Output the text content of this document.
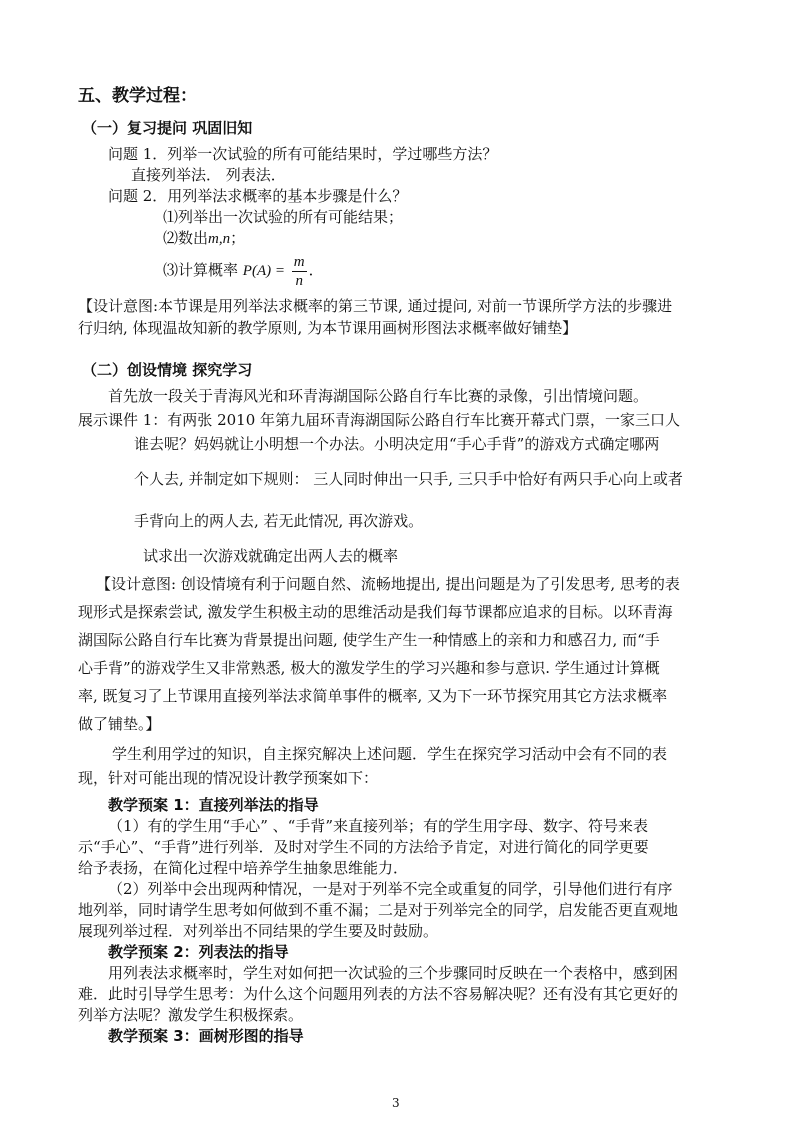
五、教学过程：
（一）复习提问 巩固旧知
问题 1．列举一次试验的所有可能结果时，学过哪些方法？
直接列举法． 列表法．
问题 2．用列举法求概率的基本步骤是什么？
⑴列举出一次试验的所有可能结果；
⑵数出m,n；
⑶计算概率 $P(A) = \frac{m}{n}$ ．
【设计意图:本节课是用列举法求概率的第三节课, 通过提问, 对前一节课所学方法的步骤进
行归纳, 体现温故知新的教学原则, 为本节课用画树形图法求概率做好铺垫】
（二）创设情境 探究学习
首先放一段关于青海风光和环青海湖国际公路自行车比赛的录像，引出情境问题。
展示课件 1：有两张 2010 年第九届环青海湖国际公路自行车比赛开幕式门票，一家三口人
谁去呢？妈妈就让小明想一个办法。小明决定用“手心手背”的游戏方式确定哪两
个人去, 并制定如下规则： 三人同时伸出一只手, 三只手中恰好有两只手心向上或者
手背向上的两人去, 若无此情况, 再次游戏。
试求出一次游戏就确定出两人去的概率
【设计意图: 创设情境有利于问题自然、流畅地提出, 提出问题是为了引发思考, 思考的表
现形式是探索尝试, 激发学生积极主动的思维活动是我们每节课都应追求的目标。以环青海
湖国际公路自行车比赛为背景提出问题, 使学生产生一种情感上的亲和力和感召力, 而“手
心手背”的游戏学生又非常熟悉, 极大的激发学生的学习兴趣和参与意识. 学生通过计算概
率, 既复习了上节课用直接列举法求简单事件的概率, 又为下一环节探究用其它方法求概率
做了铺垫。】
学生利用学过的知识，自主探究解决上述问题．学生在探究学习活动中会有不同的表
现，针对可能出现的情况设计教学预案如下：
教学预案 1：直接列举法的指导
（1）有的学生用“手心” 、“手背”来直接列举；有的学生用字母、数字、符号来表
示“手心”、“手背”进行列举．及时对学生不同的方法给予肯定，对进行简化的同学更要
给予表扬，在简化过程中培养学生抽象思维能力．
（2）列举中会出现两种情况，一是对于列举不完全或重复的同学，引导他们进行有序
地列举，同时请学生思考如何做到不重不漏；二是对于列举完全的同学，启发能否更直观地
展现列举过程．对列举出不同结果的学生要及时鼓励。
教学预案 2：列表法的指导
用列表法求概率时，学生对如何把一次试验的三个步骤同时反映在一个表格中，感到困
难．此时引导学生思考：为什么这个问题用列表的方法不容易解决呢？还有没有其它更好的
列举方法呢？激发学生积极探索。
教学预案 3：画树形图的指导
3
